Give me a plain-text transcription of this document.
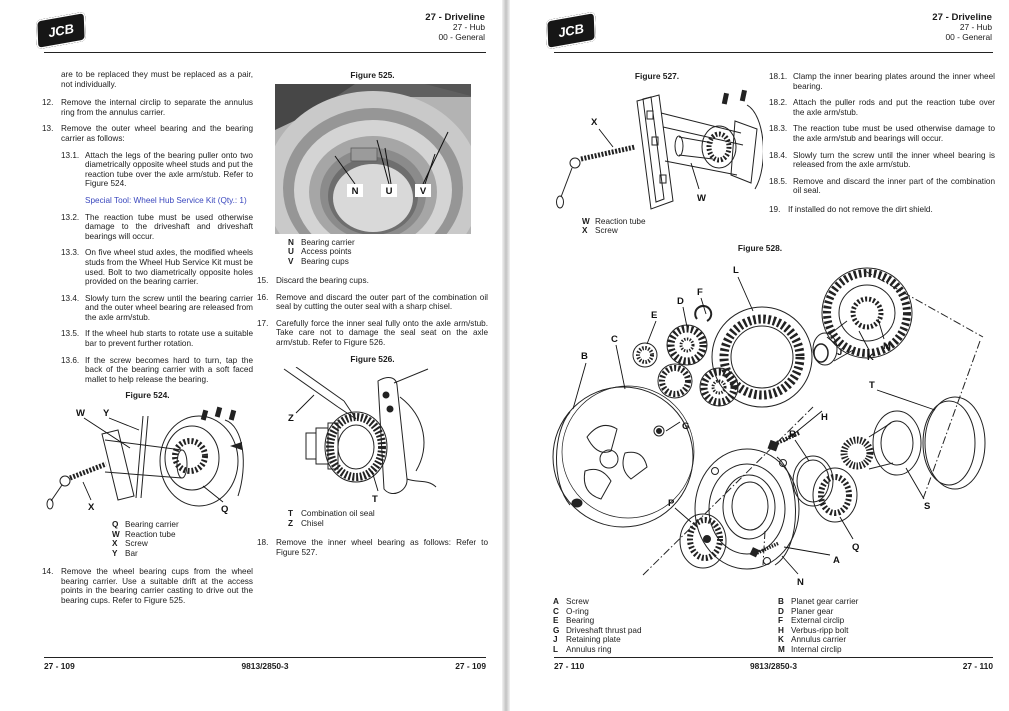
JCB
27 - Driveline
27 - Hub
00 - General
are to be replaced they must be replaced as a pair, not individually.
12. Remove the internal circlip to separate the annulus ring from the annulus carrier.
13. Remove the outer wheel bearing and the bearing carrier as follows:
13.1. Attach the legs of the bearing puller onto two diametrically opposite wheel studs and put the reaction tube over the axle arm/stub. Refer to Figure 524.
Special Tool: Wheel Hub Service Kit (Qty.: 1)
13.2. The reaction tube must be used otherwise damage to the driveshaft and driveshaft bearings will occur.
13.3. On five wheel stud axles, the modified wheels studs from the Wheel Hub Service Kit must be used. Bolt to two diametrically opposite holes provided on the bearing carrier.
13.4. Slowly turn the screw until the bearing carrier and the outer wheel bearing are released from the axle arm/stub.
13.5. If the wheel hub starts to rotate use a suitable bar to prevent further rotation.
13.6. If the screw becomes hard to turn, tap the back of the bearing carrier with a soft faced mallet to help release the bearing.
Figure 524.
W Y
X	Q
Q Bearing carrier
W Reaction tube
X Screw
Y Bar
14. Remove the wheel bearing cups from the wheel bearing carrier. Use a suitable drift at the access points in the bearing carrier casting to drive out the bearing cups. Refer to Figure 525.
Figure 525.
N	U	V
N Bearing carrier
U Access points
V Bearing cups
15. Discard the bearing cups.
16. Remove and discard the outer part of the combination oil seal by cutting the outer seal with a sharp chisel.
17. Carefully force the inner seal fully onto the axle arm/stub. Take care not to damage the seal seat on the axle arm/stub. Refer to Figure 526.
Figure 526.
Z
T
T Combination oil seal
Z Chisel
18. Remove the inner wheel bearing as follows: Refer to Figure 527.
27 - 109	9813/2850-3	27 - 109
JCB
27 - Driveline
27 - Hub
00 - General
Figure 527.
X
W
W Reaction tube
X Screw
18.1. Clamp the inner bearing plates around the inner wheel bearing.
18.2. Attach the puller rods and put the reaction tube over the axle arm/stub.
18.3. The reaction tube must be used otherwise damage to the axle arm/stub and bearings will occur.
18.4. Slowly turn the screw until the inner wheel bearing is released from the axle arm/stub.
18.5. Remove and discard the inner part of the combination oil seal.
19. If installed do not remove the dirt shield.
Figure 528.
L
F
D
E
C
B	J	K
M
T
H
G
R
P	S
Q
A
N
A Screw
C O-ring
E Bearing
G Driveshaft thrust pad
J	Retaining plate
L Annulus ring
B Planet gear carrier
D Planer gear
F External circlip
H Verbus-ripp bolt
K Annulus carrier
M Internal circlip
27 - 110	9813/2850-3	27 - 110
